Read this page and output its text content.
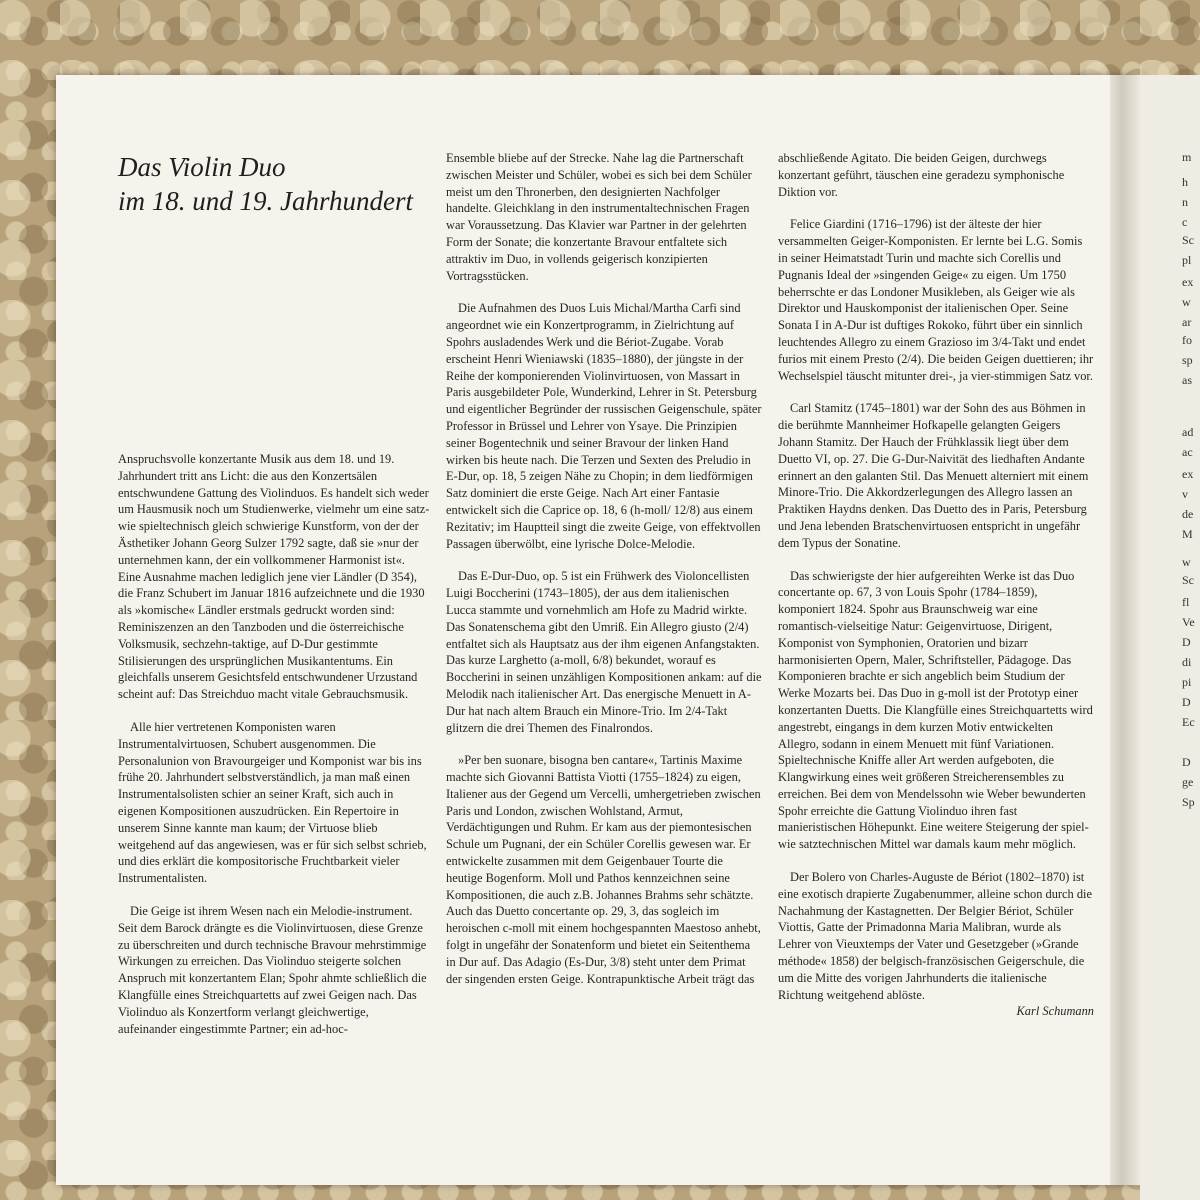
m
h
n
c
Sc
pl
ex
w
ar
fo
sp
as
ad
ac
ex
v
de
M
w
Sc
fl
Ve
D
di
pi
D
Ec
D
ge
Sp
Das Violin Duo
im 18. und 19. Jahrhundert

Anspruchsvolle konzertante Musik aus dem 18. und 19. Jahrhundert tritt ans Licht: die aus den Konzertsälen entschwundene Gattung des Violinduos. Es handelt sich weder um Hausmusik noch um Studienwerke, vielmehr um eine satz- wie spieltechnisch gleich schwierige Kunstform, von der der Ästhetiker Johann Georg Sulzer 1792 sagte, daß sie »nur der unternehmen kann, der ein vollkommener Harmonist ist«. Eine Ausnahme machen lediglich jene vier Ländler (D 354), die Franz Schubert im Januar 1816 aufzeichnete und die 1930 als »komische« Ländler erstmals gedruckt worden sind: Reminiszenzen an den Tanzboden und die österreichische Volksmusik, sechzehn-taktige, auf D-Dur gestimmte Stilisierungen des ursprünglichen Musikantentums. Ein gleichfalls unserem Gesichtsfeld entschwundener Urzustand scheint auf: Das Streichduo macht vitale Gebrauchsmusik.

Alle hier vertretenen Komponisten waren Instrumentalvirtuosen, Schubert ausgenommen. Die Personalunion von Bravourgeiger und Komponist war bis ins frühe 20. Jahrhundert selbstverständlich, ja man maß einen Instrumentalsolisten schier an seiner Kraft, sich auch in eigenen Kompositionen auszudrücken. Ein Repertoire in unserem Sinne kannte man kaum; der Virtuose blieb weitgehend auf das angewiesen, was er für sich selbst schrieb, und dies erklärt die kompositorische Fruchtbarkeit vieler Instrumentalisten.

Die Geige ist ihrem Wesen nach ein Melodie-instrument. Seit dem Barock drängte es die Violinvirtuosen, diese Grenze zu überschreiten und durch technische Bravour mehrstimmige Wirkungen zu erreichen. Das Violinduo steigerte solchen Anspruch mit konzertantem Elan; Spohr ahmte schließlich die Klangfülle eines Streichquartetts auf zwei Geigen nach. Das Violinduo als Konzertform verlangt gleichwertige, aufeinander eingestimmte Partner; ein ad-hoc-

Ensemble bliebe auf der Strecke. Nahe lag die Partnerschaft zwischen Meister und Schüler, wobei es sich bei dem Schüler meist um den Thronerben, den designierten Nachfolger handelte. Gleichklang in den instrumentaltechnischen Fragen war Voraussetzung. Das Klavier war Partner in der gelehrten Form der Sonate; die konzertante Bravour entfaltete sich attraktiv im Duo, in vollends geigerisch konzipierten Vortragsstücken.

Die Aufnahmen des Duos Luis Michal/Martha Carfi sind angeordnet wie ein Konzertprogramm, in Zielrichtung auf Spohrs ausladendes Werk und die Bériot-Zugabe. Vorab erscheint Henri Wieniawski (1835–1880), der jüngste in der Reihe der komponierenden Violinvirtuosen, von Massart in Paris ausgebildeter Pole, Wunderkind, Lehrer in St. Petersburg und eigentlicher Begründer der russischen Geigenschule, später Professor in Brüssel und Lehrer von Ysaye. Die Prinzipien seiner Bogentechnik und seiner Bravour der linken Hand wirken bis heute nach. Die Terzen und Sexten des Preludio in E-Dur, op. 18, 5 zeigen Nähe zu Chopin; in dem liedförmigen Satz dominiert die erste Geige. Nach Art einer Fantasie entwickelt sich die Caprice op. 18, 6 (h-moll/ 12/8) aus einem Rezitativ; im Hauptteil singt die zweite Geige, von effektvollen Passagen überwölbt, eine lyrische Dolce-Melodie.

Das E-Dur-Duo, op. 5 ist ein Frühwerk des Violoncellisten Luigi Boccherini (1743–1805), der aus dem italienischen Lucca stammte und vornehmlich am Hofe zu Madrid wirkte. Das Sonatenschema gibt den Umriß. Ein Allegro giusto (2/4) entfaltet sich als Hauptsatz aus der ihm eigenen Anfangstakten. Das kurze Larghetto (a-moll, 6/8) bekundet, worauf es Boccherini in seinen unzähligen Kompositionen ankam: auf die Melodik nach italienischer Art. Das energische Menuett in A-Dur hat nach altem Brauch ein Minore-Trio. Im 2/4-Takt glitzern die drei Themen des Finalrondos.

»Per ben suonare, bisogna ben cantare«, Tartinis Maxime machte sich Giovanni Battista Viotti (1755–1824) zu eigen, Italiener aus der Gegend um Vercelli, umhergetrieben zwischen Paris und London, zwischen Wohlstand, Armut, Verdächtigungen und Ruhm. Er kam aus der piemontesischen Schule um Pugnani, der ein Schüler Corellis gewesen war. Er entwickelte zusammen mit dem Geigenbauer Tourte die heutige Bogenform. Moll und Pathos kennzeichnen seine Kompositionen, die auch z.B. Johannes Brahms sehr schätzte. Auch das Duetto concertante op. 29, 3, das sogleich im heroischen c-moll mit einem hochgespannten Maestoso anhebt, folgt in ungefähr der Sonatenform und bietet ein Seitenthema in Dur auf. Das Adagio (Es-Dur, 3/8) steht unter dem Primat der singenden ersten Geige. Kontrapunktische Arbeit trägt das

abschließende Agitato. Die beiden Geigen, durchwegs konzertant geführt, täuschen eine geradezu symphonische Diktion vor.

Felice Giardini (1716–1796) ist der älteste der hier versammelten Geiger-Komponisten. Er lernte bei L.G. Somis in seiner Heimatstadt Turin und machte sich Corellis und Pugnanis Ideal der »singenden Geige« zu eigen. Um 1750 beherrschte er das Londoner Musikleben, als Geiger wie als Direktor und Hauskomponist der italienischen Oper. Seine Sonata I in A-Dur ist duftiges Rokoko, führt über ein sinnlich leuchtendes Allegro zu einem Grazioso im 3/4-Takt und endet furios mit einem Presto (2/4). Die beiden Geigen duettieren; ihr Wechselspiel täuscht mitunter drei-, ja vier-stimmigen Satz vor.

Carl Stamitz (1745–1801) war der Sohn des aus Böhmen in die berühmte Mannheimer Hofkapelle gelangten Geigers Johann Stamitz. Der Hauch der Frühklassik liegt über dem Duetto VI, op. 27. Die G-Dur-Naivität des liedhaften Andante erinnert an den galanten Stil. Das Menuett alterniert mit einem Minore-Trio. Die Akkordzerlegungen des Allegro lassen an Praktiken Haydns denken. Das Duetto des in Paris, Petersburg und Jena lebenden Bratschenvirtuosen entspricht in ungefähr dem Typus der Sonatine.

Das schwierigste der hier aufgereihten Werke ist das Duo concertante op. 67, 3 von Louis Spohr (1784–1859), komponiert 1824. Spohr aus Braunschweig war eine romantisch-vielseitige Natur: Geigenvirtuose, Dirigent, Komponist von Symphonien, Oratorien und bizarr harmonisierten Opern, Maler, Schriftsteller, Pädagoge. Das Komponieren brachte er sich angeblich beim Studium der Werke Mozarts bei. Das Duo in g-moll ist der Prototyp einer konzertanten Duetts. Die Klangfülle eines Streichquartetts wird angestrebt, eingangs in dem kurzen Motiv entwickelten Allegro, sodann in einem Menuett mit fünf Variationen. Spieltechnische Kniffe aller Art werden aufgeboten, die Klangwirkung eines weit größeren Streicherensembles zu erreichen. Bei dem von Mendelssohn wie Weber bewunderten Spohr erreichte die Gattung Violinduo ihren fast manieristischen Höhepunkt. Eine weitere Steigerung der spiel- wie satztechnischen Mittel war damals kaum mehr möglich.

Der Bolero von Charles-Auguste de Bériot (1802–1870) ist eine exotisch drapierte Zugabenummer, alleine schon durch die Nachahmung der Kastagnetten. Der Belgier Bériot, Schüler Viottis, Gatte der Primadonna Maria Malibran, wurde als Lehrer von Vieuxtemps der Vater und Gesetzgeber (»Grande méthode« 1858) der belgisch-französischen Geigerschule, die um die Mitte des vorigen Jahrhunderts die italienische Richtung weitgehend ablöste.

Karl Schumann
